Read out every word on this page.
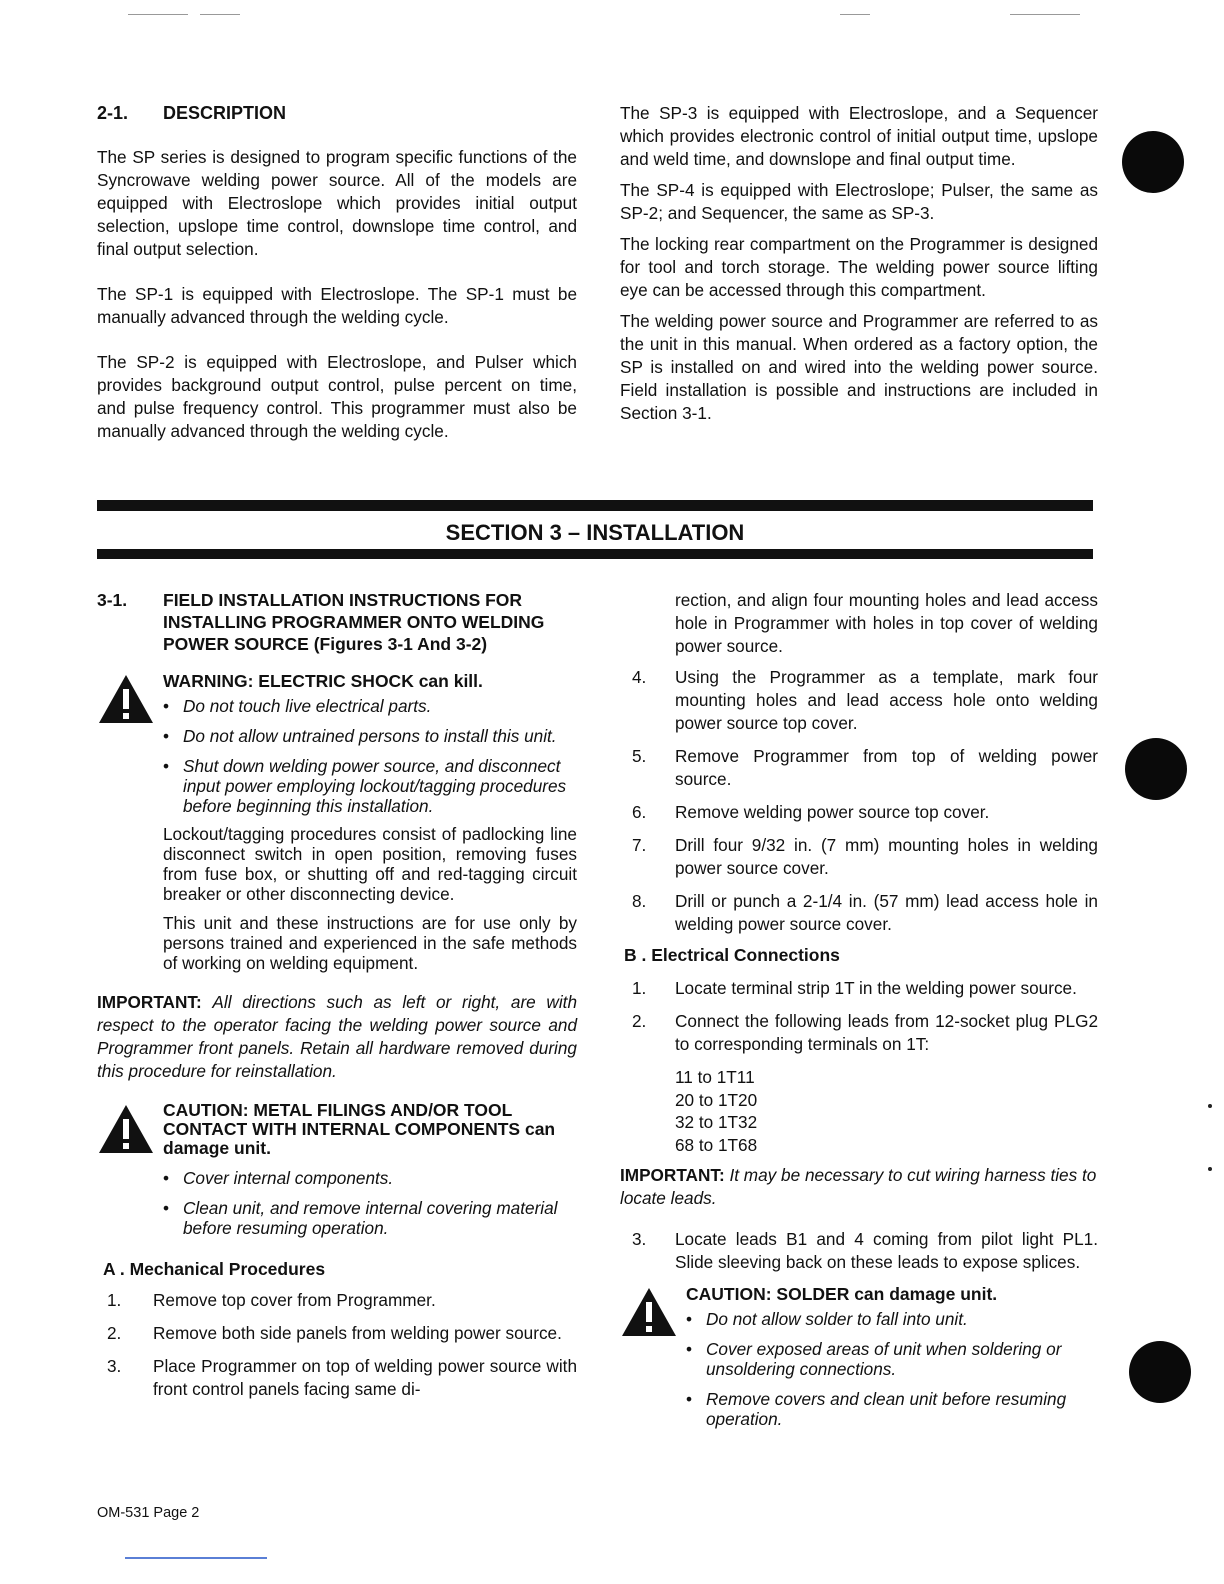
2-1. DESCRIPTION

The SP series is designed to program specific functions of the Syncrowave welding power source. All of the models are equipped with Electroslope which provides initial output selection, upslope time control, downslope time control, and final output selection.

The SP-1 is equipped with Electroslope. The SP-1 must be manually advanced through the welding cycle.

The SP-2 is equipped with Electroslope, and Pulser which provides background output control, pulse percent on time, and pulse frequency control. This programmer must also be manually advanced through the welding cycle.

The SP-3 is equipped with Electroslope, and a Sequencer which provides electronic control of initial output time, upslope and weld time, and downslope and final output time.

The SP-4 is equipped with Electroslope; Pulser, the same as SP-2; and Sequencer, the same as SP-3.

The locking rear compartment on the Programmer is designed for tool and torch storage. The welding power source lifting eye can be accessed through this compartment.

The welding power source and Programmer are referred to as the unit in this manual. When ordered as a factory option, the SP is installed on and wired into the welding power source. Field installation is possible and instructions are included in Section 3-1.

SECTION 3 – INSTALLATION
3-1.	FIELD INSTALLATION INSTRUCTIONS FOR INSTALLING PROGRAMMER ONTO WELDING POWER SOURCE (Figures 3-1 And 3-2)
WARNING: ELECTRIC SHOCK can kill.
• Do not touch live electrical parts.
• Do not allow untrained persons to install this unit.
• Shut down welding power source, and disconnect input power employing lockout/tagging procedures before beginning this installation.

Lockout/tagging procedures consist of padlocking line disconnect switch in open position, removing fuses from fuse box, or shutting off and red-tagging circuit breaker or other disconnecting device.

This unit and these instructions are for use only by persons trained and experienced in the safe methods of working on welding equipment.

IMPORTANT: All directions such as left or right, are with respect to the operator facing the welding power source and Programmer front panels. Retain all hardware removed during this procedure for reinstallation.

CAUTION: METAL FILINGS AND/OR TOOL CONTACT WITH INTERNAL COMPONENTS can damage unit.
• Cover internal components.
• Clean unit, and remove internal covering material before resuming operation.
A . Mechanical Procedures
1.	Remove top cover from Programmer.
2.	Remove both side panels from welding power source.
3.	Place Programmer on top of welding power source with front control panels facing same di-
rection, and align four mounting holes and lead access hole in Programmer with holes in top cover of welding power source.
4.	Using the Programmer as a template, mark four mounting holes and lead access hole onto welding power source top cover.
5.	Remove Programmer from top of welding power source.
6.	Remove welding power source top cover.
7.	Drill four 9/32 in. (7 mm) mounting holes in welding power source cover.
8.	Drill or punch a 2-1/4 in. (57 mm) lead access hole in welding power source cover.
B . Electrical Connections
1.	Locate terminal strip 1T in the welding power source.
2.	Connect the following leads from 12-socket plug PLG2 to corresponding terminals on 1T:
11 to 1T11
20 to 1T20
32 to 1T32
68 to 1T68

IMPORTANT: It may be necessary to cut wiring harness ties to locate leads.

3.	Locate leads B1 and 4 coming from pilot light PL1. Slide sleeving back on these leads to expose splices.
CAUTION: SOLDER can damage unit.
• Do not allow solder to fall into unit.
• Cover exposed areas of unit when soldering or unsoldering connections.
• Remove covers and clean unit before resuming operation.
OM-531 Page 2
